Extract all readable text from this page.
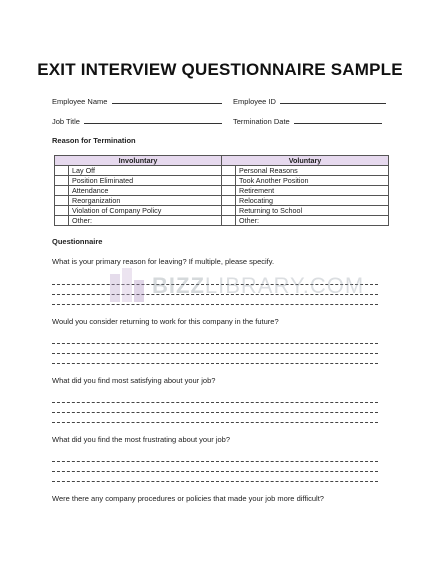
EXIT INTERVIEW QUESTIONNAIRE SAMPLE
Employee Name	Employee ID
Job Title	Termination Date
Reason for Termination
Involuntary		Voluntary	
	Lay Off		Personal Reasons
	Position Eliminated		Took Another Position
	Attendance		Retirement
	Reorganization		Relocating
	Violation of Company Policy		Returning to School
	Other:		Other:
Questionnaire
What is your primary reason for leaving? If multiple, please specify.
BIZZLIBRARY.COM
Would you consider returning to work for this company in the future?
What did you find most satisfying about your job?
What did you find the most frustrating about your job?
Were there any company procedures or policies that made your job more difficult?
